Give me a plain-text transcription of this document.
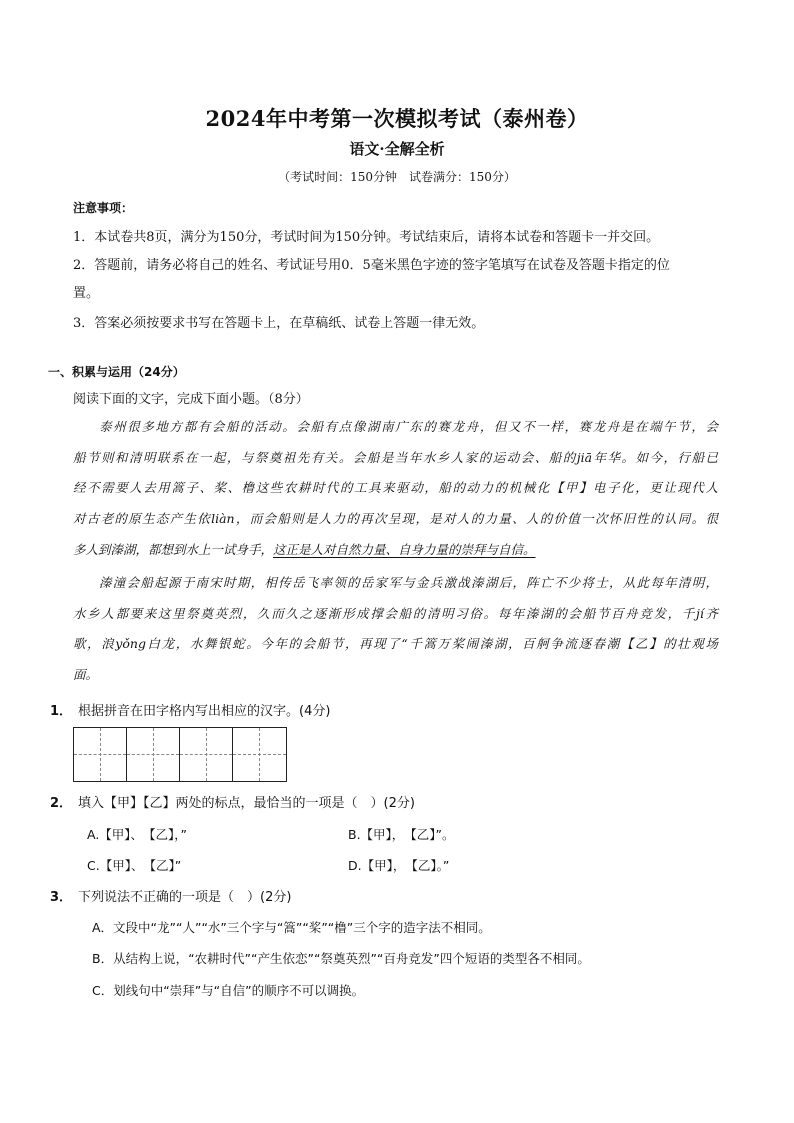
2024年中考第一次模拟考试（泰州卷）
语文·全解全析
（考试时间：150分钟　试卷满分：150分）
注意事项：
1．本试卷共8页，满分为150分，考试时间为150分钟。考试结束后，请将本试卷和答题卡一并交回。
2．答题前，请务必将自己的姓名、考试证号用0．5毫米黑色字迹的签字笔填写在试卷及答题卡指定的位
置。
3．答案必须按要求书写在答题卡上，在草稿纸、试卷上答题一律无效。
一、积累与运用（24分）
阅读下面的文字，完成下面小题。（8分）
泰州很多地方都有会船的活动。会船有点像湖南广东的赛龙舟，但又不一样，赛龙舟是在端午节，会
船节则和清明联系在一起，与祭奠祖先有关。会船是当年水乡人家的运动会、船的jiā年华。如今，行船已
经不需要人去用篙子、桨、橹这些农耕时代的工具来驱动，船的动力的机械化【甲】电子化，更让现代人
对古老的原生态产生依liàn，而会船则是人力的再次呈现，是对人的力量、人的价值一次怀旧性的认同。很
多人到溱湖，都想到水上一试身手，这正是人对自然力量、自身力量的崇拜与自信。
溱潼会船起源于南宋时期，相传岳飞率领的岳家军与金兵激战溱湖后，阵亡不少将士，从此每年清明，
水乡人都要来这里祭奠英烈，久而久之逐渐形成撑会船的清明习俗。每年溱湖的会船节百舟竞发，千jí齐
歌，浪yǒng白龙，水舞银蛇。今年的会船节，再现了“千篙万桨闹溱湖，百舸争流逐春潮【乙】的壮观场
面。
1． 根据拼音在田字格内写出相应的汉字。(4分)
2． 填入【甲】【乙】两处的标点，最恰当的一项是（　）(2分)
A.【甲】、　【乙】，”	B.【甲】，　【乙】”。
C.【甲】、　【乙】”	D.【甲】，　【乙】。”
3． 下列说法不正确的一项是（　）(2分)
A．文段中“龙”“人”“水”三个字与“篙”“桨”“橹”三个字的造字法不相同。
B．从结构上说，“农耕时代”“产生依恋”“祭奠英烈”“百舟竞发”四个短语的类型各不相同。
C．划线句中“崇拜”与“自信”的顺序不可以调换。
